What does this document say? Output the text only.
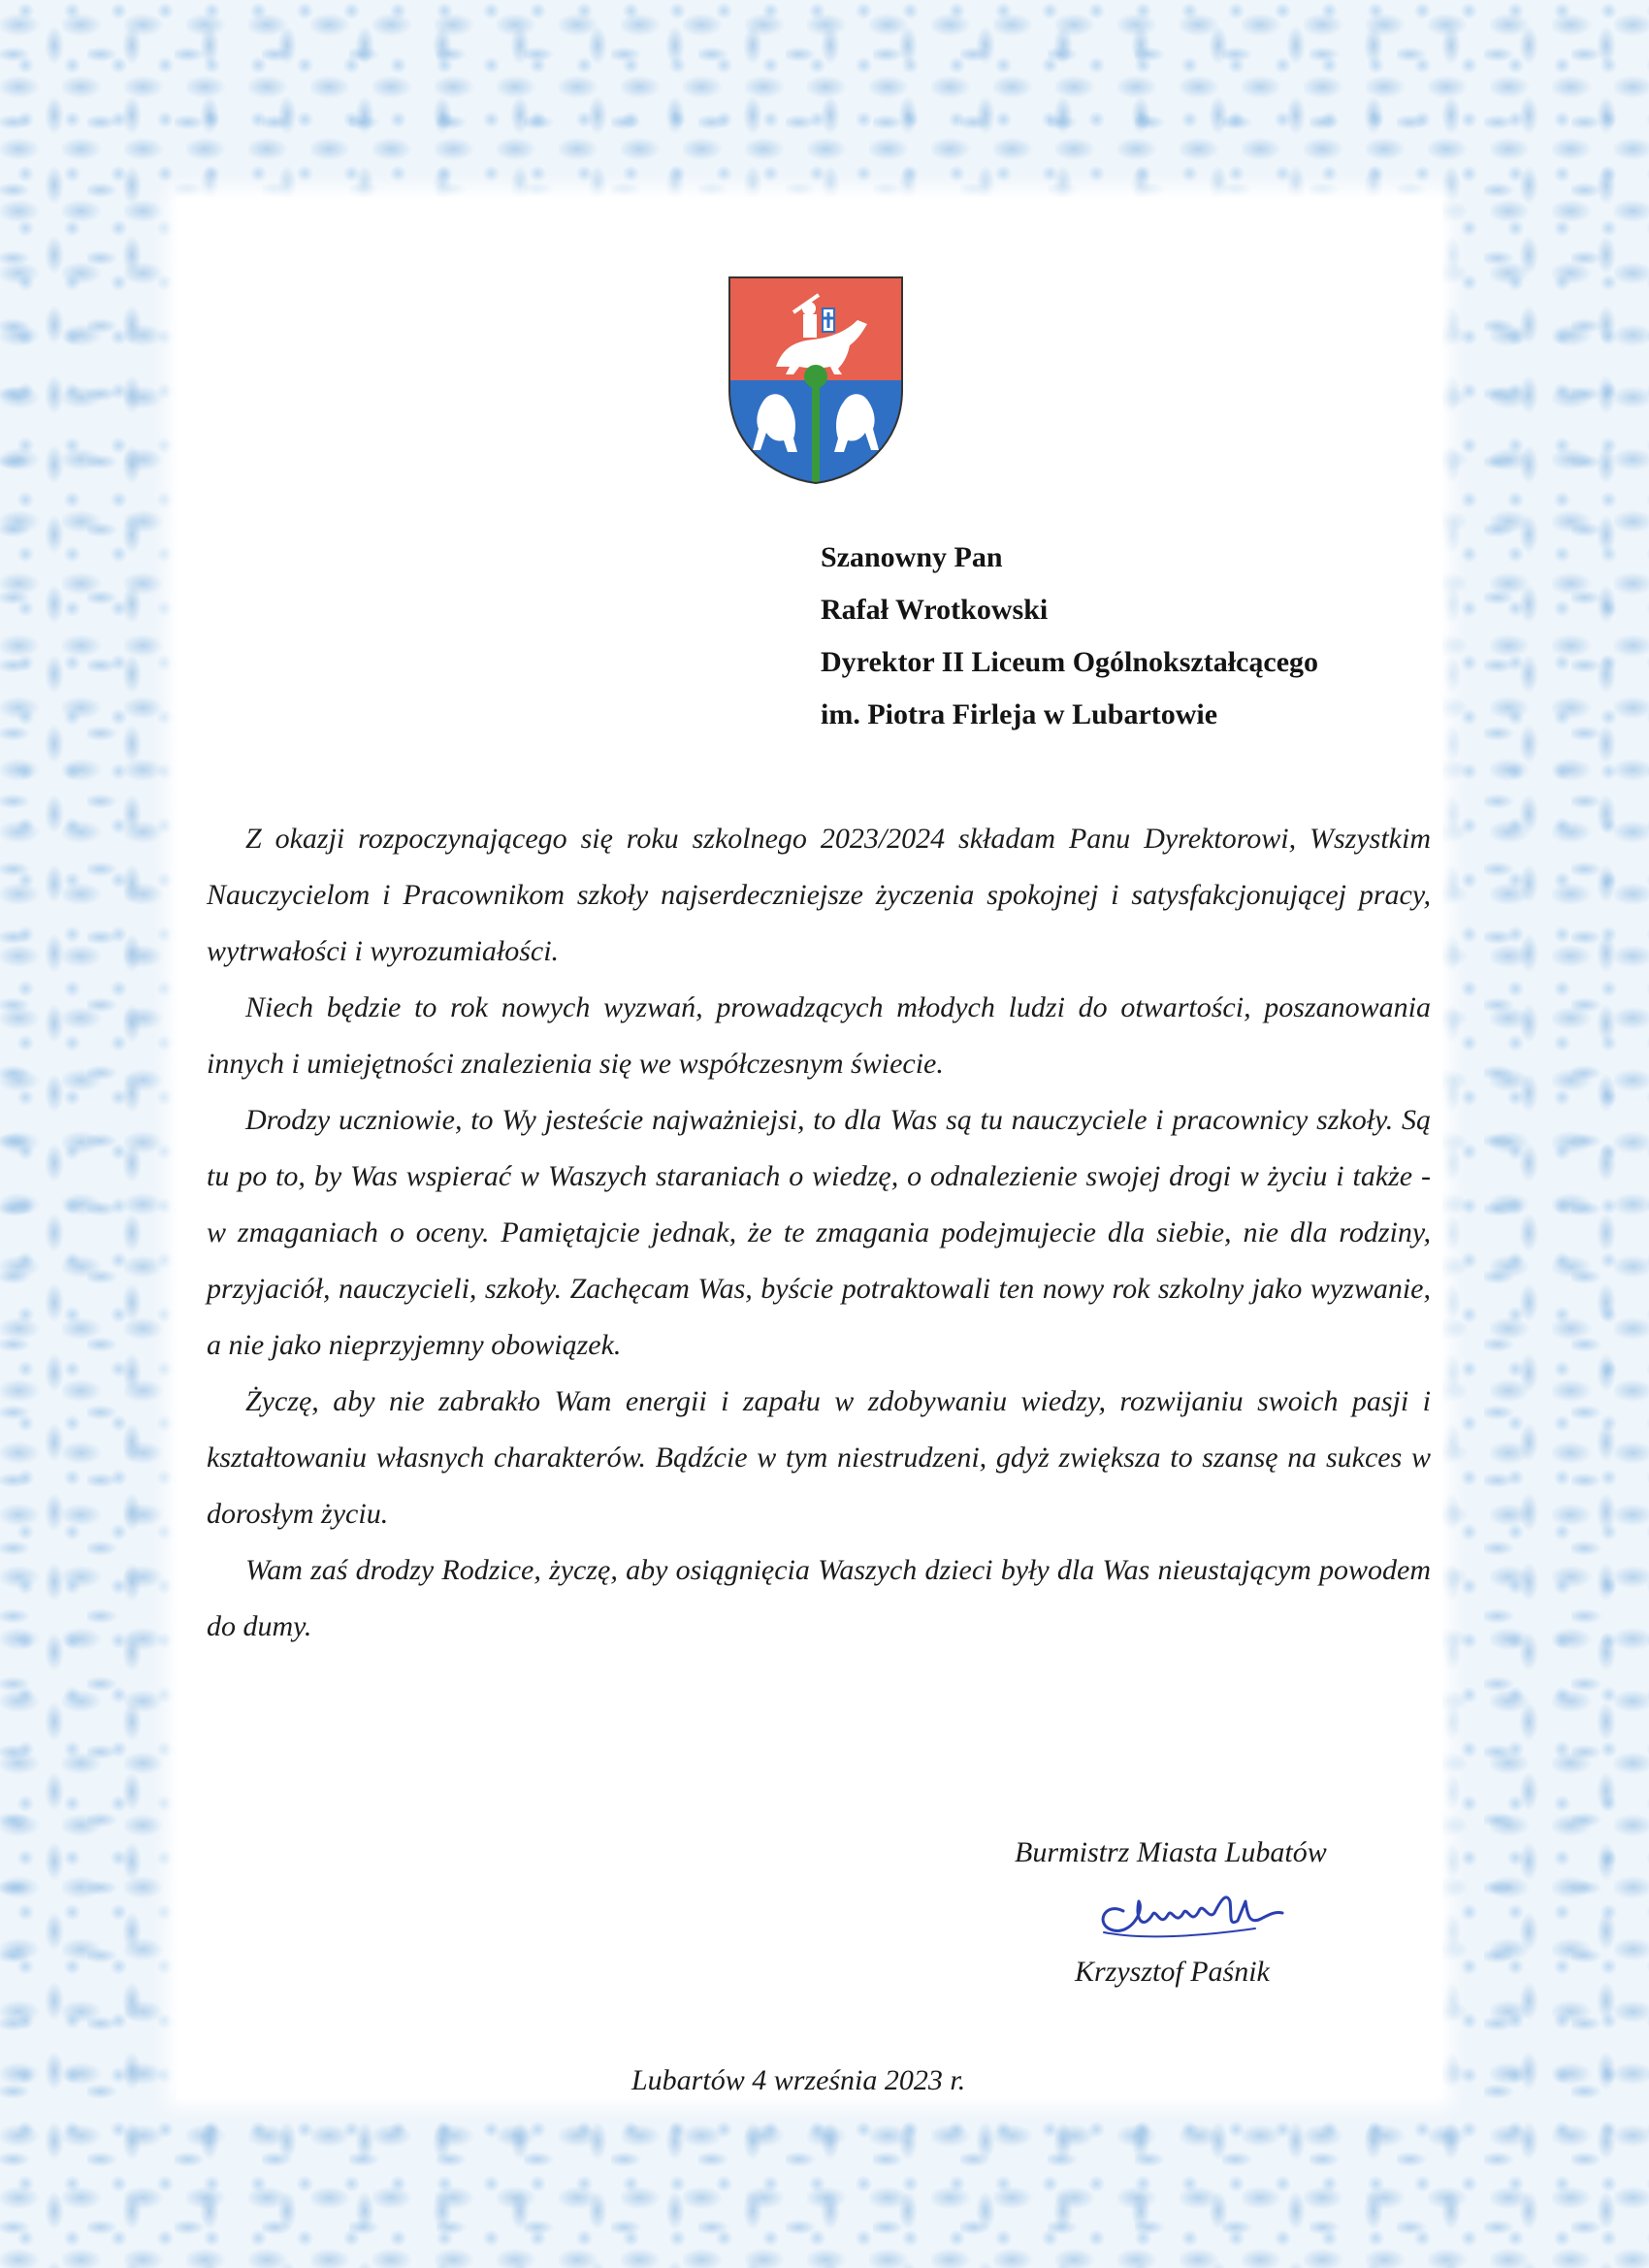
Szanowny Pan
Rafał Wrotkowski
Dyrektor II Liceum Ogólnokształcącego
im. Piotra Firleja w Lubartowie

Z okazji rozpoczynającego się roku szkolnego 2023/2024 składam Panu Dyrektorowi, Wszystkim Nauczycielom i Pracownikom szkoły najserdeczniejsze życzenia spokojnej i satysfakcjonującej pracy, wytrwałości i wyrozumiałości.

Niech będzie to rok nowych wyzwań, prowadzących młodych ludzi do otwartości, poszanowania innych i umiejętności znalezienia się we współczesnym świecie.

Drodzy uczniowie, to Wy jesteście najważniejsi, to dla Was są tu nauczyciele i pracownicy szkoły. Są tu po to, by Was wspierać w Waszych staraniach o wiedzę, o odnalezienie swojej drogi w życiu i także - w zmaganiach o oceny. Pamiętajcie jednak, że te zmagania podejmujecie dla siebie, nie dla rodziny, przyjaciół, nauczycieli, szkoły. Zachęcam Was, byście potraktowali ten nowy rok szkolny jako wyzwanie, a nie jako nieprzyjemny obowiązek.

Życzę, aby nie zabrakło Wam energii i zapału w zdobywaniu wiedzy, rozwijaniu swoich pasji i kształtowaniu własnych charakterów. Bądźcie w tym niestrudzeni, gdyż zwiększa to szansę na sukces w dorosłym życiu.

Wam zaś drodzy Rodzice, życzę, aby osiągnięcia Waszych dzieci były dla Was nieustającym powodem do dumy.

Burmistrz Miasta Lubatów
Krzysztof Paśnik
Lubartów 4 września 2023 r.
